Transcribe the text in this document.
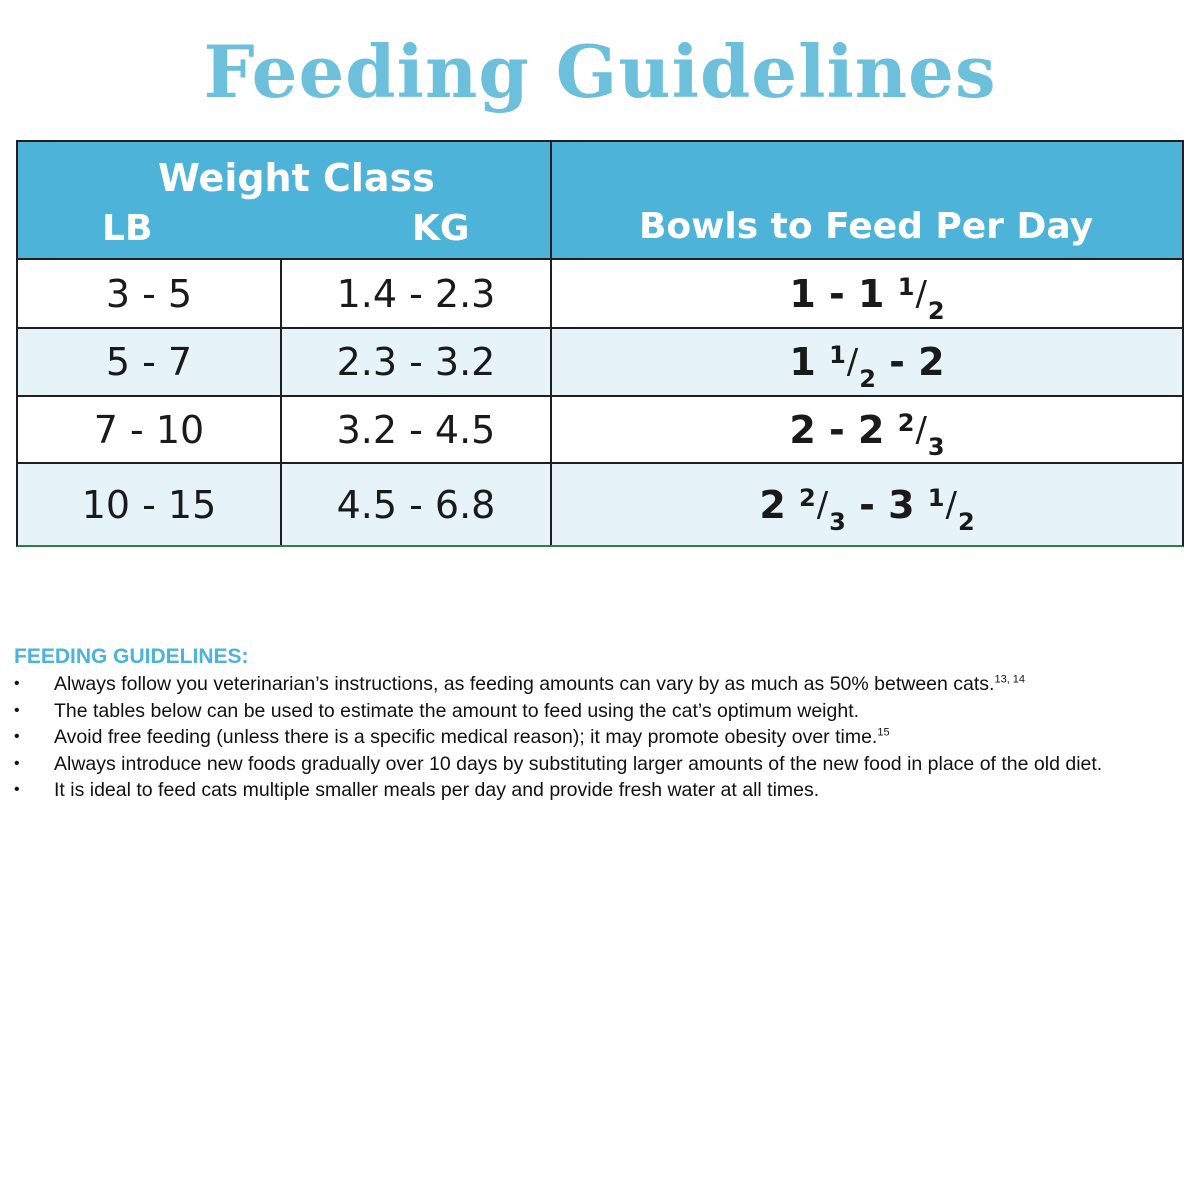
Feeding Guidelines
Weight Class
LB	KG	Bowls to Feed Per Day
3 - 5	1.4 - 2.3	1 - 1 $^1$ $/_2$
5 - 7	2.3 - 3.2	1 $^1$ $/_2 - 2$
7 - 10	3.2 - 4.5	2 - 2 $^2$ $/_3$
10 - 15	4.5 - 6.8	2 $^2$ $/_3 - 3$ $^1$ $/_2$
FEEDING GUIDELINES:
• Always follow you veterinarian’s instructions, as feeding amounts can vary by as much as 50% between cats.$^{13, 14}$
• The tables below can be used to estimate the amount to feed using the cat’s optimum weight.
• Avoid free feeding (unless there is a specific medical reason); it may promote obesity over time.$^{15}$
• Always introduce new foods gradually over 10 days by substituting larger amounts of the new food in place of the old diet.
• It is ideal to feed cats multiple smaller meals per day and provide fresh water at all times.
